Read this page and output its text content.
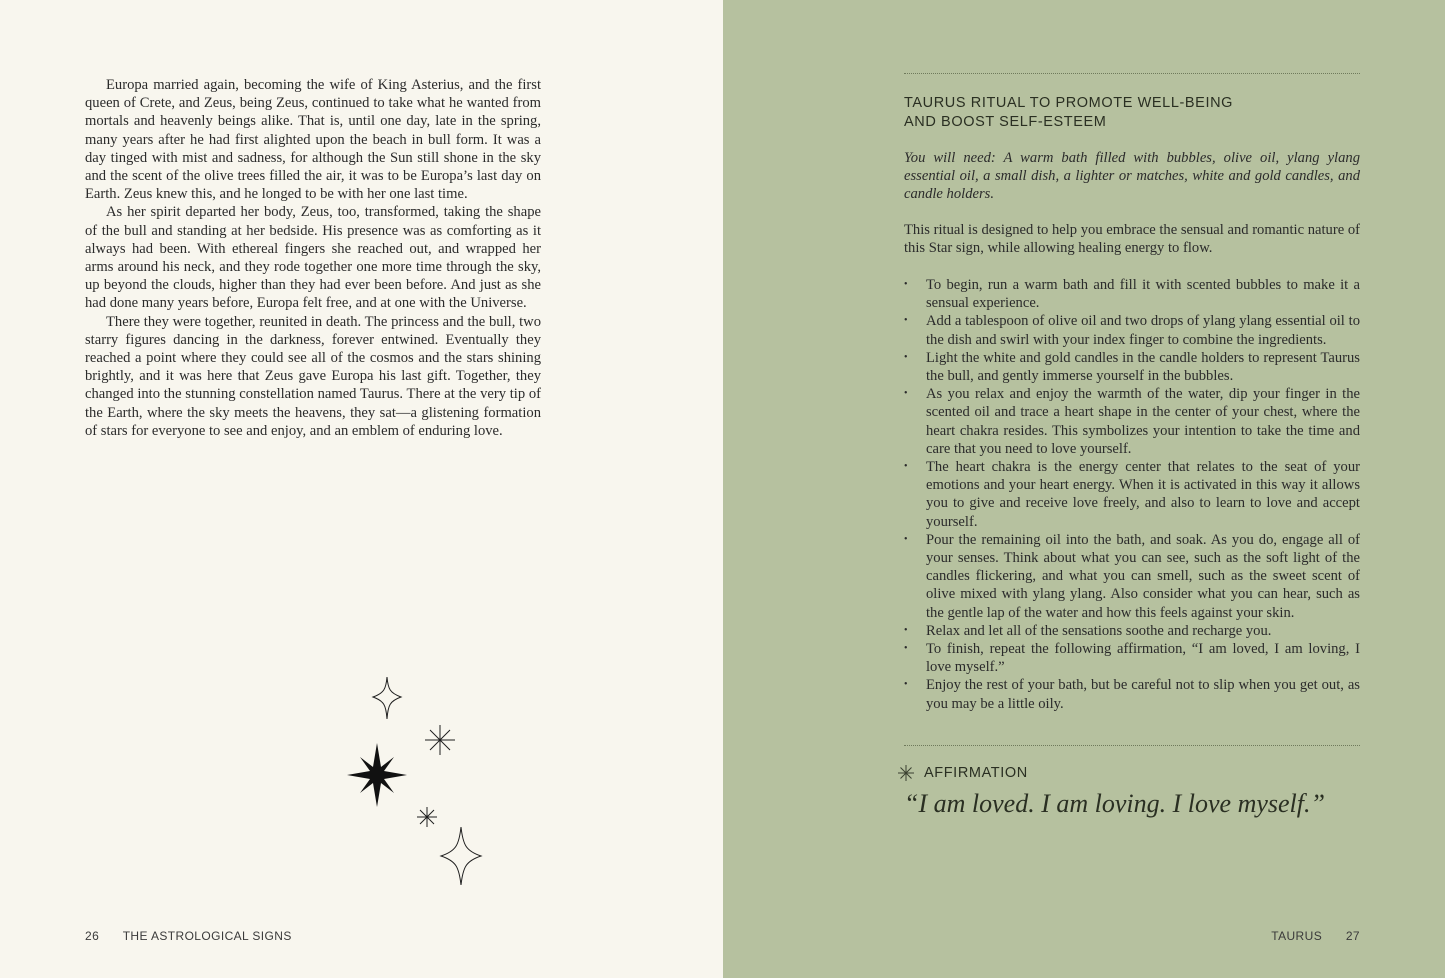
Europa married again, becoming the wife of King Asterius, and the first queen of Crete, and Zeus, being Zeus, continued to take what he wanted from mortals and heavenly beings alike. That is, until one day, late in the spring, many years after he had first alighted upon the beach in bull form. It was a day tinged with mist and sadness, for although the Sun still shone in the sky and the scent of the olive trees filled the air, it was to be Europa’s last day on Earth. Zeus knew this, and he longed to be with her one last time.

As her spirit departed her body, Zeus, too, transformed, taking the shape of the bull and standing at her bedside. His presence was as comforting as it always had been. With ethereal fingers she reached out, and wrapped her arms around his neck, and they rode together one more time through the sky, up beyond the clouds, higher than they had ever been before. And just as she had done many years before, Europa felt free, and at one with the Universe.

There they were together, reunited in death. The princess and the bull, two starry figures dancing in the darkness, forever entwined. Eventually they reached a point where they could see all of the cosmos and the stars shining brightly, and it was here that Zeus gave Europa his last gift. Together, they changed into the stunning constellation named Taurus. There at the very tip of the Earth, where the sky meets the heavens, they sat—a glistening formation of stars for everyone to see and enjoy, and an emblem of enduring love.

26 THE ASTROLOGICAL SIGNS
TAURUS RITUAL TO PROMOTE WELL-BEING
AND BOOST SELF-ESTEEM
You will need: A warm bath filled with bubbles, olive oil, ylang ylang essential oil, a small dish, a lighter or matches, white and gold candles, and candle holders.
This ritual is designed to help you embrace the sensual and romantic nature of this Star sign, while allowing healing energy to flow.
• To begin, run a warm bath and fill it with scented bubbles to make it a sensual experience.
• Add a tablespoon of olive oil and two drops of ylang ylang essential oil to the dish and swirl with your index finger to combine the ingredients.
• Light the white and gold candles in the candle holders to represent Taurus the bull, and gently immerse yourself in the bubbles.
• As you relax and enjoy the warmth of the water, dip your finger in the scented oil and trace a heart shape in the center of your chest, where the heart chakra resides. This symbolizes your intention to take the time and care that you need to love yourself.
• The heart chakra is the energy center that relates to the seat of your emotions and your heart energy. When it is activated in this way it allows you to give and receive love freely, and also to learn to love and accept yourself.
• Pour the remaining oil into the bath, and soak. As you do, engage all of your senses. Think about what you can see, such as the soft light of the candles flickering, and what you can smell, such as the sweet scent of olive mixed with ylang ylang. Also consider what you can hear, such as the gentle lap of the water and how this feels against your skin.
• Relax and let all of the sensations soothe and recharge you.
• To finish, repeat the following affirmation, “I am loved, I am loving, I love myself.”
• Enjoy the rest of your bath, but be careful not to slip when you get out, as you may be a little oily.
AFFIRMATION
“I am loved. I am loving. I love myself.”
TAURUS 27
